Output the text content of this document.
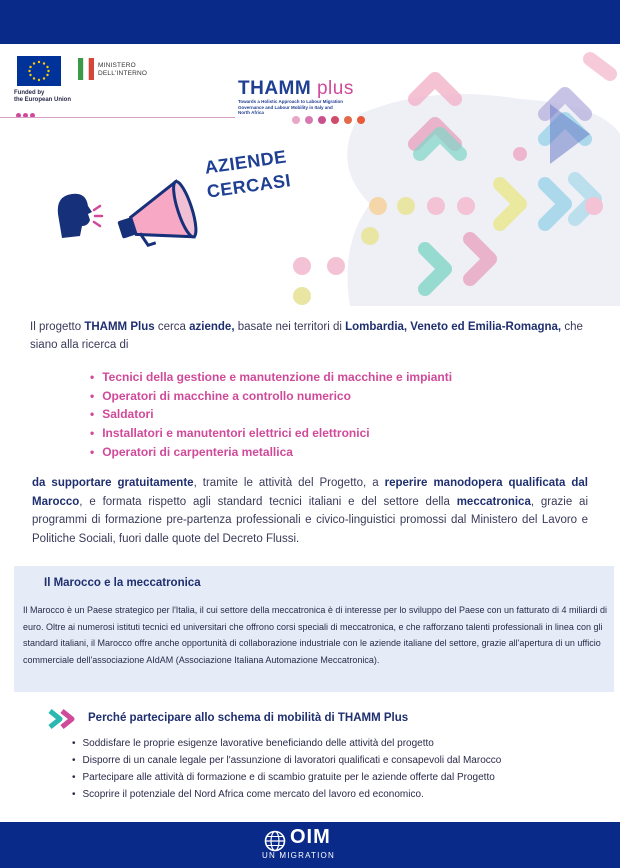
Funded by
the European Union
MINISTERO
DELL'INTERNO
THAMM plus
Towards a Holistic Approach to Labour Migration
Governance and Labour Mobility in Italy and
North Africa
AZIENDE
CERCASI
Il progetto THAMM Plus cerca aziende, basate nei territori di Lombardia, Veneto ed Emilia-Romagna, che siano alla ricerca di
• Tecnici della gestione e manutenzione di macchine e impianti
• Operatori di macchine a controllo numerico
• Saldatori
• Installatori e manutentori elettrici ed elettronici
• Operatori di carpenteria metallica
da supportare gratuitamente, tramite le attività del Progetto, a reperire manodopera qualificata dal Marocco, e formata rispetto agli standard tecnici italiani e del settore della meccatronica, grazie ai programmi di formazione pre-partenza professionali e civico-linguistici promossi dal Ministero del Lavoro e Politiche Sociali, fuori dalle quote del Decreto Flussi.
Il Marocco e la meccatronica
Il Marocco è un Paese strategico per l'Italia, il cui settore della meccatronica è di interesse per lo sviluppo del Paese con un fatturato di 4 miliardi di euro. Oltre ai numerosi istituti tecnici ed universitari che offrono corsi speciali di meccatronica, e che rafforzano talenti professionali in linea con gli standard italiani, il Marocco offre anche opportunità di collaborazione industriale con le aziende italiane del settore, grazie all'apertura di un ufficio commerciale dell'associazione AIdAM (Associazione Italiana Automazione Meccatronica).
Perché partecipare allo schema di mobilità di THAMM Plus
• Soddisfare le proprie esigenze lavorative beneficiando delle attività del progetto
• Disporre di un canale legale per l'assunzione di lavoratori qualificati e consapevoli dal Marocco
• Partecipare alle attività di formazione e di scambio gratuite per le aziende offerte dal Progetto
• Scoprire il potenziale del Nord Africa come mercato del lavoro ed economico.
OIM
UN MIGRATION
